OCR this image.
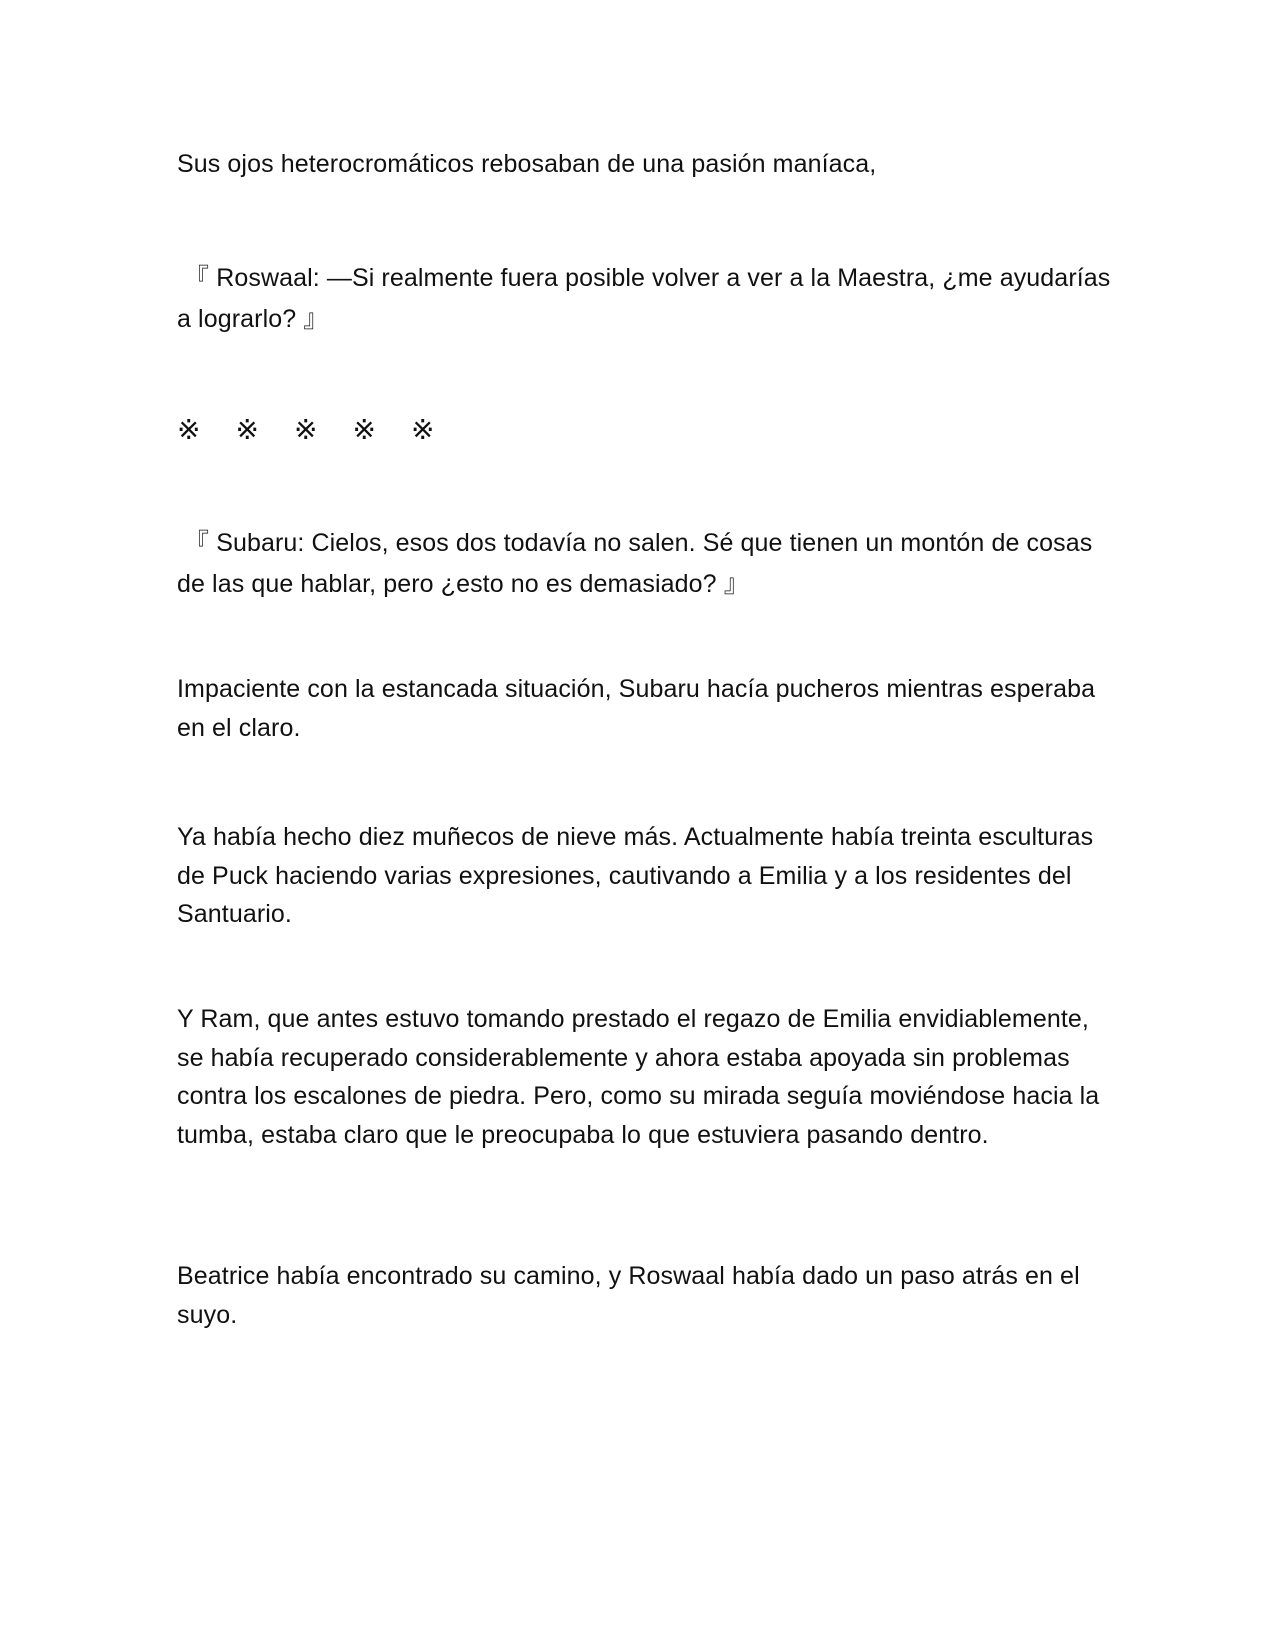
Sus ojos heterocromáticos rebosaban de una pasión maníaca,

『 Roswaal: —Si realmente fuera posible volver a ver a la Maestra, ¿me ayudarías a lograrlo? 』

※	※	※	※	※

『 Subaru: Cielos, esos dos todavía no salen. Sé que tienen un montón de cosas de las que hablar, pero ¿esto no es demasiado? 』

Impaciente con la estancada situación, Subaru hacía pucheros mientras esperaba en el claro.

Ya había hecho diez muñecos de nieve más. Actualmente había treinta esculturas de Puck haciendo varias expresiones, cautivando a Emilia y a los residentes del Santuario.

Y Ram, que antes estuvo tomando prestado el regazo de Emilia envidiablemente, se había recuperado considerablemente y ahora estaba apoyada sin problemas contra los escalones de piedra. Pero, como su mirada seguía moviéndose hacia la tumba, estaba claro que le preocupaba lo que estuviera pasando dentro.

Beatrice había encontrado su camino, y Roswaal había dado un paso atrás en el suyo.
